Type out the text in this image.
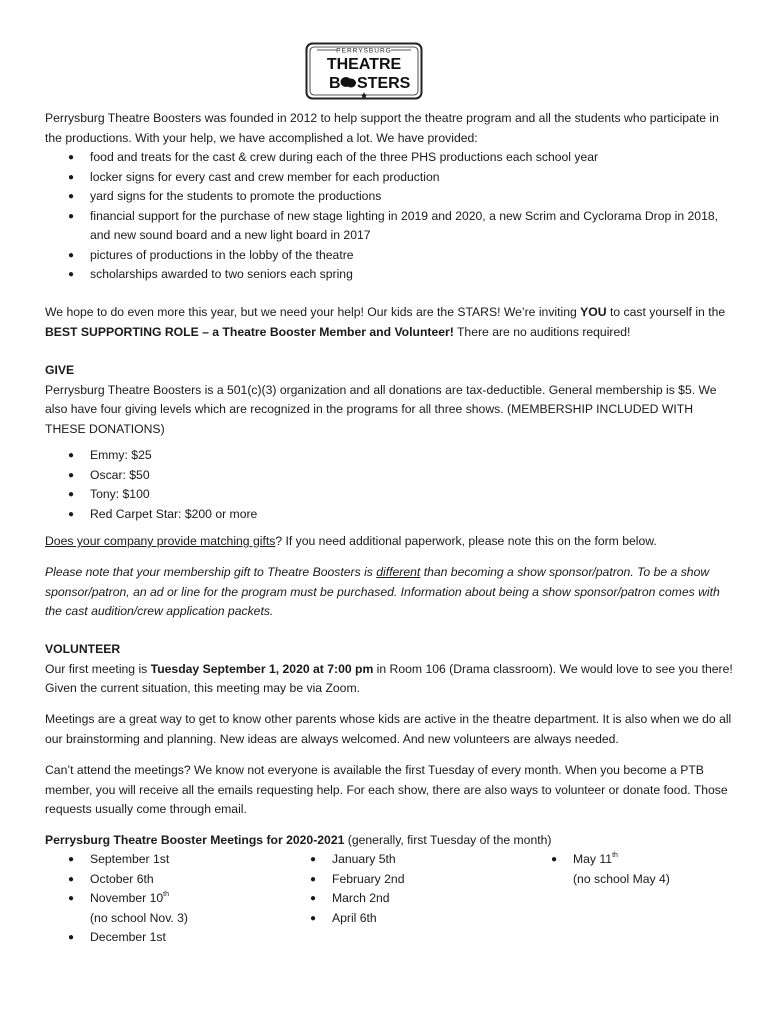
PERRYSBURG
THEATRE
B STERS

Perrysburg Theatre Boosters was founded in 2012 to help support the theatre program and all the students who participate in the productions. With your help, we have accomplished a lot. We have provided:

● food and treats for the cast & crew during each of the three PHS productions each school year
● locker signs for every cast and crew member for each production
● yard signs for the students to promote the productions
● financial support for the purchase of new stage lighting in 2019 and 2020, a new Scrim and Cyclorama Drop in 2018, and new sound board and a new light board in 2017
● pictures of productions in the lobby of the theatre
● scholarships awarded to two seniors each spring

We hope to do even more this year, but we need your help! Our kids are the STARS! We’re inviting YOU to cast yourself in the BEST SUPPORTING ROLE – a Theatre Booster Member and Volunteer! There are no auditions required!

GIVE

Perrysburg Theatre Boosters is a 501(c)(3) organization and all donations are tax-deductible. General membership is $5. We also have four giving levels which are recognized in the programs for all three shows. (MEMBERSHIP INCLUDED WITH THESE DONATIONS)

● Emmy: $25
● Oscar: $50
● Tony: $100
● Red Carpet Star: $200 or more

Does your company provide matching gifts? If you need additional paperwork, please note this on the form below.

Please note that your membership gift to Theatre Boosters is different than becoming a show sponsor/patron. To be a show sponsor/patron, an ad or line for the program must be purchased. Information about being a show sponsor/patron comes with the cast audition/crew application packets.

VOLUNTEER

Our first meeting is Tuesday September 1, 2020 at 7:00 pm in Room 106 (Drama classroom). We would love to see you there! Given the current situation, this meeting may be via Zoom.

Meetings are a great way to get to know other parents whose kids are active in the theatre department. It is also when we do all our brainstorming and planning. New ideas are always welcomed. And new volunteers are always needed.

Can’t attend the meetings? We know not everyone is available the first Tuesday of every month. When you become a PTB member, you will receive all the emails requesting help. For each show, there are also ways to volunteer or donate food. Those requests usually come through email.

Perrysburg Theatre Booster Meetings for 2020-2021 (generally, first Tuesday of the month)

● September 1st
● October 6th
● November 10th
(no school Nov. 3)
● December 1st
● January 5th
● February 2nd
● March 2nd
● April 6th
● May 11th
(no school May 4)
